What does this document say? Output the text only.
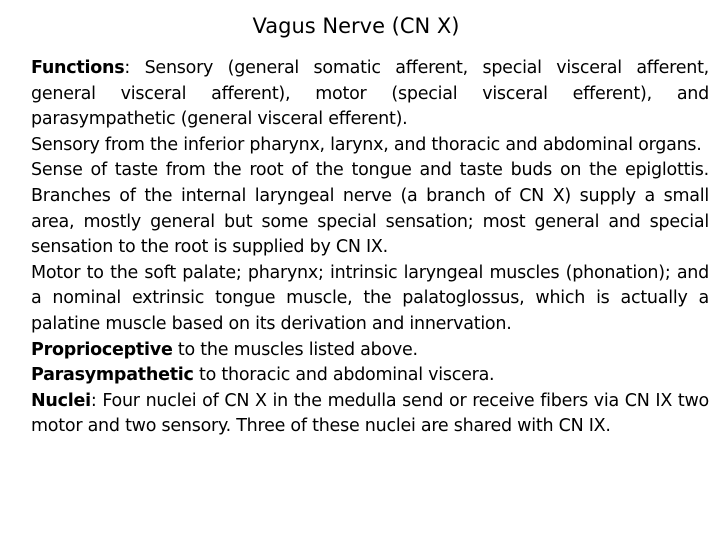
Vagus Nerve (CN X)

Functions: Sensory (general somatic afferent, special visceral afferent, general visceral afferent), motor (special visceral efferent), and parasympathetic (general visceral efferent).

Sensory from the inferior pharynx, larynx, and thoracic and abdominal organs.

Sense of taste from the root of the tongue and taste buds on the epiglottis. Branches of the internal laryngeal nerve (a branch of CN X) supply a small area, mostly general but some special sensation; most general and special sensation to the root is supplied by CN IX.

Motor to the soft palate; pharynx; intrinsic laryngeal muscles (phonation); and a nominal extrinsic tongue muscle, the palatoglossus, which is actually a palatine muscle based on its derivation and innervation.

Proprioceptive to the muscles listed above.

Parasympathetic to thoracic and abdominal viscera.

Nuclei: Four nuclei of CN X in the medulla send or receive fibers via CN IX two motor and two sensory. Three of these nuclei are shared with CN IX.
